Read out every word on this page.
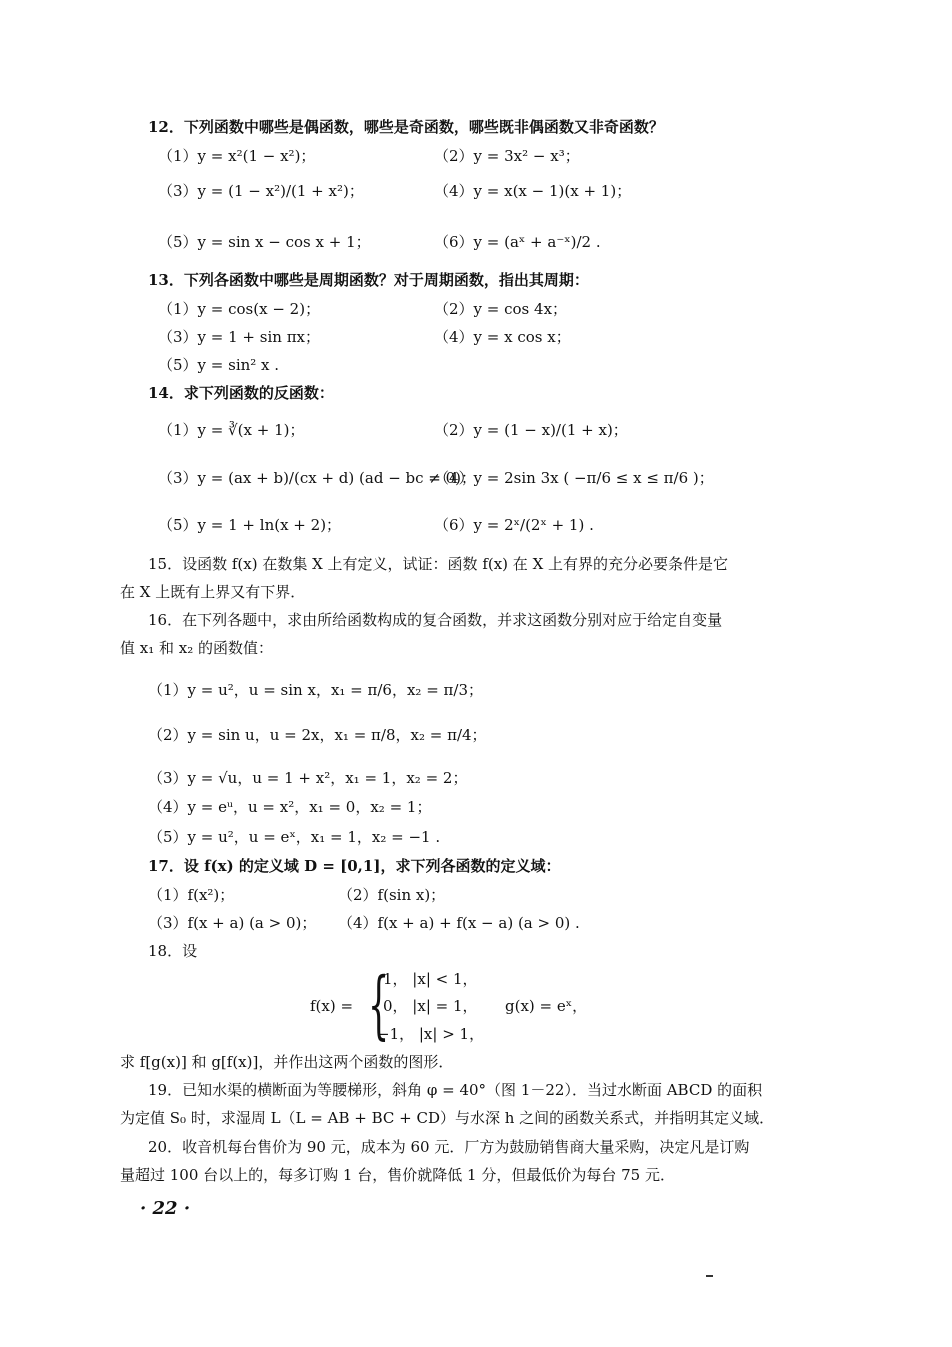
12．下列函数中哪些是偶函数，哪些是奇函数，哪些既非偶函数又非奇函数？
（1）y = x²(1 − x²)；	（2）y = 3x² − x³；
（3）y = (1 − x²)/(1 + x²)；	（4）y = x(x − 1)(x + 1)；
（5）y = sin x − cos x + 1；	（6）y = (aˣ + a⁻ˣ)/2 .
13．下列各函数中哪些是周期函数？对于周期函数，指出其周期：
（1）y = cos(x − 2)；	（2）y = cos 4x；
（3）y = 1 + sin πx；	（4）y = x cos x；
（5）y = sin² x .
14．求下列函数的反函数：
（1）y = ∛(x + 1)；	（2）y = (1 − x)/(1 + x)；
（3）y = (ax + b)/(cx + d) (ad − bc ≠ 0)；
（4）y = 2sin 3x ( −π/6 ≤ x ≤ π/6 )；
（5）y = 1 + ln(x + 2)；	（6）y = 2ˣ/(2ˣ + 1) .
15．设函数 f(x) 在数集 X 上有定义，试证：函数 f(x) 在 X 上有界的充分必要条件是它
在 X 上既有上界又有下界．
16．在下列各题中，求由所给函数构成的复合函数，并求这函数分别对应于给定自变量
值 x₁ 和 x₂ 的函数值：
（1）y = u²，u = sin x，x₁ = π/6，x₂ = π/3；
（2）y = sin u，u = 2x，x₁ = π/8，x₂ = π/4；
（3）y = √u，u = 1 + x²，x₁ = 1，x₂ = 2；
（4）y = eᵘ，u = x²，x₁ = 0，x₂ = 1；
（5）y = u²，u = eˣ，x₁ = 1，x₂ = −1 .
17．设 f(x) 的定义域 D = [0,1]，求下列各函数的定义域：
（1）f(x²)；	（2）f(sin x)；
（3）f(x + a) (a > 0)； （4）f(x + a) + f(x − a) (a > 0) .
18．设
f(x) = {
1， |x| < 1，
0， |x| = 1，
−1， |x| > 1，
g(x) = eˣ，
求 f[g(x)] 和 g[f(x)]，并作出这两个函数的图形．
19．已知水渠的横断面为等腰梯形，斜角 φ = 40°（图 1－22）．当过水断面 ABCD 的面积
为定值 S₀ 时，求湿周 L（L = AB + BC + CD）与水深 h 之间的函数关系式，并指明其定义域．
20．收音机每台售价为 90 元，成本为 60 元．厂方为鼓励销售商大量采购，决定凡是订购
量超过 100 台以上的，每多订购 1 台，售价就降低 1 分，但最低价为每台 75 元．
· 22 ·
